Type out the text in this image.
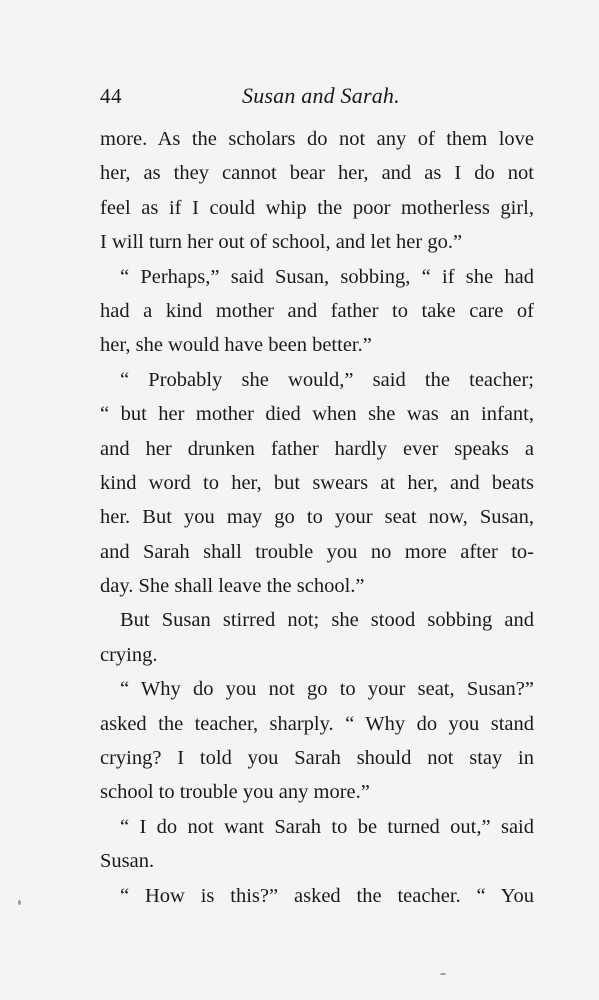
44	Susan and Sarah.
more. As the scholars do not any of them love
her, as they cannot bear her, and as I do not
feel as if I could whip the poor motherless girl,
I will turn her out of school, and let her go.”
“ Perhaps,” said Susan, sobbing, “ if she had
had a kind mother and father to take care of
her, she would have been better.”
“ Probably she would,” said the teacher;
“ but her mother died when she was an infant,
and her drunken father hardly ever speaks a
kind word to her, but swears at her, and beats
her. But you may go to your seat now, Susan,
and Sarah shall trouble you no more after to-
day. She shall leave the school.”
But Susan stirred not; she stood sobbing and
crying.
“ Why do you not go to your seat, Susan?”
asked the teacher, sharply. “ Why do you stand
crying? I told you Sarah should not stay in
school to trouble you any more.”
“ I do not want Sarah to be turned out,” said
Susan.
“ How is this?” asked the teacher. “ You
